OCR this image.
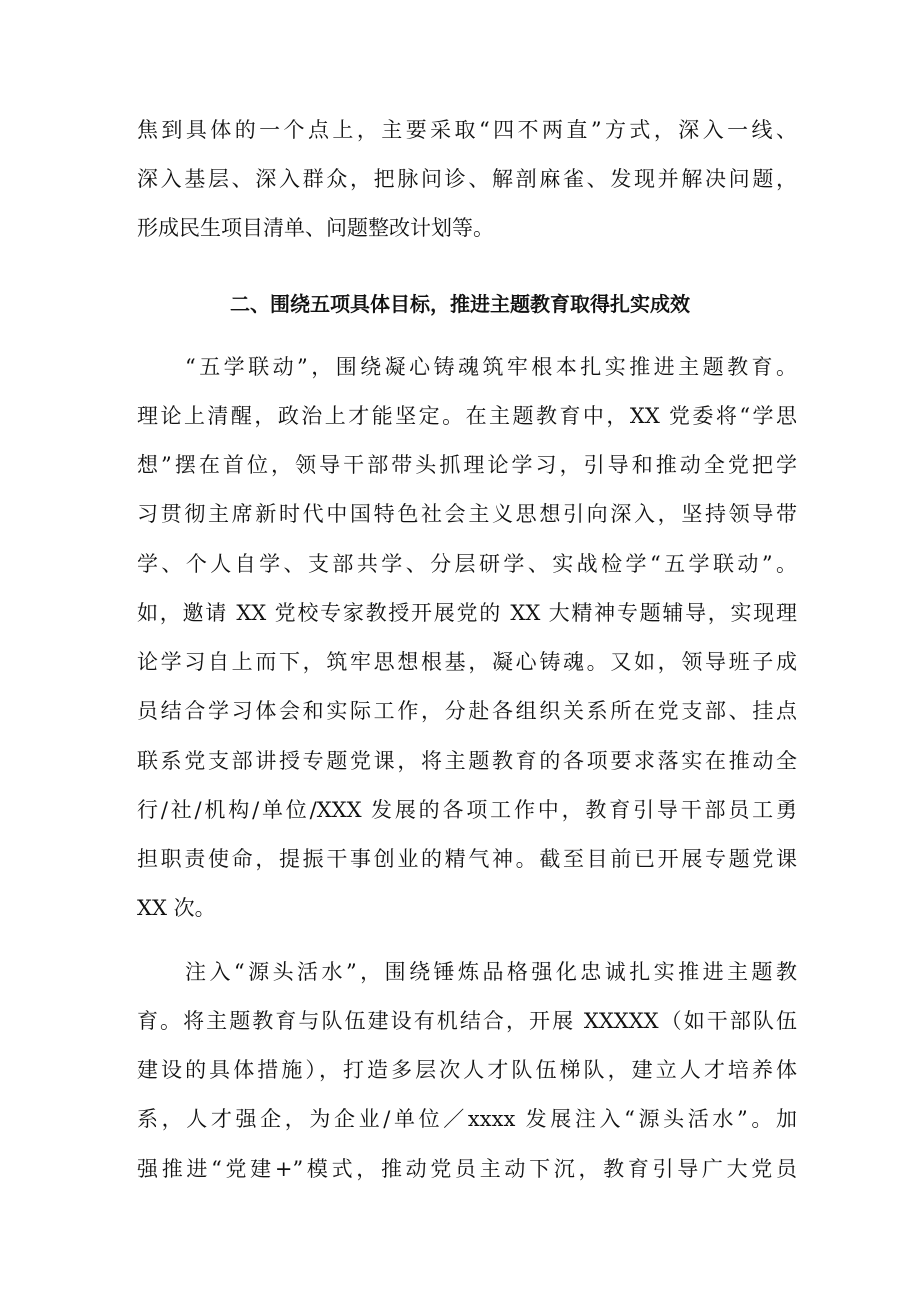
焦到具体的一个点上，主要采取“四不两直”方式，深入一线、
深入基层、深入群众，把脉问诊、解剖麻雀、发现并解决问题，
形成民生项目清单、问题整改计划等。
二、围绕五项具体目标，推进主题教育取得扎实成效
“五学联动”，围绕凝心铸魂筑牢根本扎实推进主题教育。
理论上清醒，政治上才能坚定。在主题教育中，XX 党委将“学思
想”摆在首位，领导干部带头抓理论学习，引导和推动全党把学
习贯彻主席新时代中国特色社会主义思想引向深入，坚持领导带
学、个人自学、支部共学、分层研学、实战检学“五学联动”。
如，邀请 XX 党校专家教授开展党的 XX 大精神专题辅导，实现理
论学习自上而下，筑牢思想根基，凝心铸魂。又如，领导班子成
员结合学习体会和实际工作，分赴各组织关系所在党支部、挂点
联系党支部讲授专题党课，将主题教育的各项要求落实在推动全
行/社/机构/单位/XXX 发展的各项工作中，教育引导干部员工勇
担职责使命，提振干事创业的精气神。截至目前已开展专题党课
XX 次。
注入“源头活水”，围绕锤炼品格强化忠诚扎实推进主题教
育。将主题教育与队伍建设有机结合，开展 XXXXX（如干部队伍
建设的具体措施），打造多层次人才队伍梯队，建立人才培养体
系，人才强企，为企业/单位／xxxx 发展注入“源头活水”。加
强推进“党建+”模式，推动党员主动下沉，教育引导广大党员
